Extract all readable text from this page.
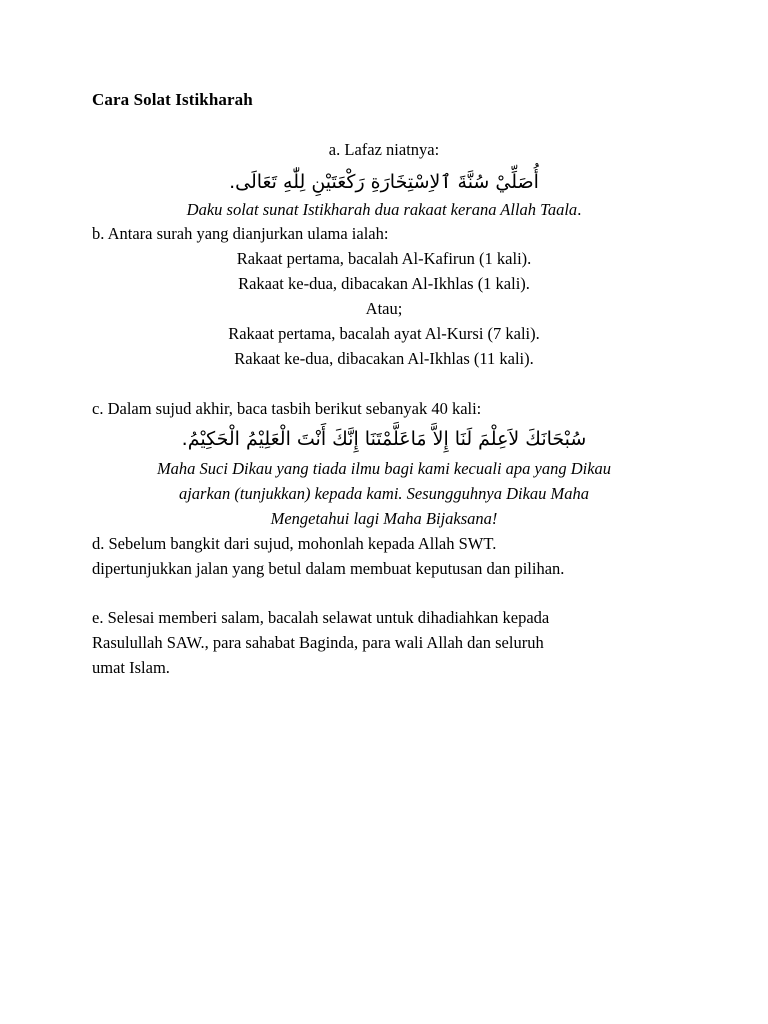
Cara Solat Istikharah
a. Lafaz niatnya:
أُصَلِّيْ سُنَّةَ ٱلاِسْتِخَارَةِ رَكْعَتَيْنِ لِلّٰهِ تَعَالَى.
Daku solat sunat Istikharah dua rakaat kerana Allah Taala.
b. Antara surah yang dianjurkan ulama ialah:
Rakaat pertama, bacalah Al-Kafirun (1 kali).
Rakaat ke-dua, dibacakan Al-Ikhlas (1 kali).
Atau;
Rakaat pertama, bacalah ayat Al-Kursi (7 kali).
Rakaat ke-dua, dibacakan Al-Ikhlas (11 kali).
c. Dalam sujud akhir, baca tasbih berikut sebanyak 40 kali:
سُبْحَانَكَ لاَعِلْمَ لَنَا إِلاَّ مَاعَلَّمْتَنَا إِنَّكَ أَنْتَ الْعَلِيْمُ الْحَكِيْمُ.
Maha Suci Dikau yang tiada ilmu bagi kami kecuali apa yang Dikau
ajarkan (tunjukkan) kepada kami. Sesungguhnya Dikau Maha
Mengetahui lagi Maha Bijaksana!
d. Sebelum bangkit dari sujud, mohonlah kepada Allah SWT.
dipertunjukkan jalan yang betul dalam membuat keputusan dan pilihan.
e. Selesai memberi salam, bacalah selawat untuk dihadiahkan kepada
Rasulullah SAW., para sahabat Baginda, para wali Allah dan seluruh
umat Islam.
